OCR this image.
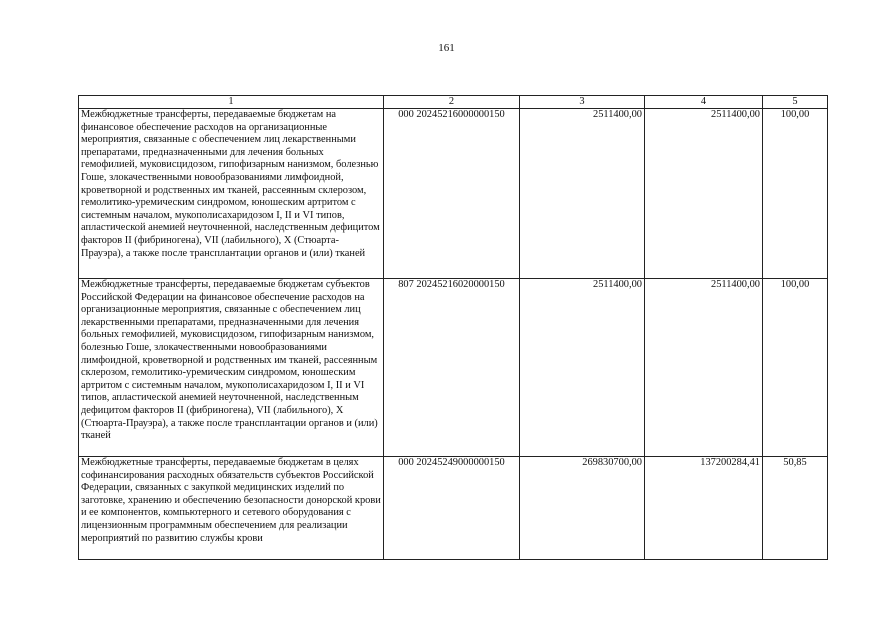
161
1	2	3	4	5
Межбюджетные трансферты, передаваемые бюджетам на финансовое обеспечение расходов на организационные мероприятия, связанные с обеспечением лиц лекарственными препаратами, предназначенными для лечения больных гемофилией, муковисцидозом, гипофизарным нанизмом, болезнью Гоше, злокачественными новообразованиями лимфоидной, кроветворной и родственных им тканей, рассеянным склерозом, гемолитико-уремическим синдромом, юношеским артритом с системным началом, мукополисахаридозом I, II и VI типов, апластической анемией неуточненной, наследственным дефицитом факторов II (фибриногена), VII (лабильного), X (Стюарта-Прауэра), а также после трансплантации органов и (или) тканей	000 20245216000000150	2511400,00	2511400,00	100,00
Межбюджетные трансферты, передаваемые бюджетам субъектов Российской Федерации на финансовое обеспечение расходов на организационные мероприятия, связанные с обеспечением лиц лекарственными препаратами, предназначенными для лечения больных гемофилией, муковисцидозом, гипофизарным нанизмом, болезнью Гоше, злокачественными новообразованиями лимфоидной, кроветворной и родственных им тканей, рассеянным склерозом, гемолитико-уремическим синдромом, юношеским артритом с системным началом, мукополисахаридозом I, II и VI типов, апластической анемией неуточненной, наследственным дефицитом факторов II (фибриногена), VII (лабильного), X (Стюарта-Прауэра), а также после трансплантации органов и (или) тканей	807 20245216020000150	2511400,00	2511400,00	100,00
Межбюджетные трансферты, передаваемые бюджетам в целях софинансирования расходных обязательств субъектов Российской Федерации, связанных с закупкой медицинских изделий по заготовке, хранению и обеспечению безопасности донорской крови и ее компонентов, компьютерного и сетевого оборудования с лицензионным программным обеспечением для реализации мероприятий по развитию службы крови	000 20245249000000150	269830700,00	137200284,41	50,85
